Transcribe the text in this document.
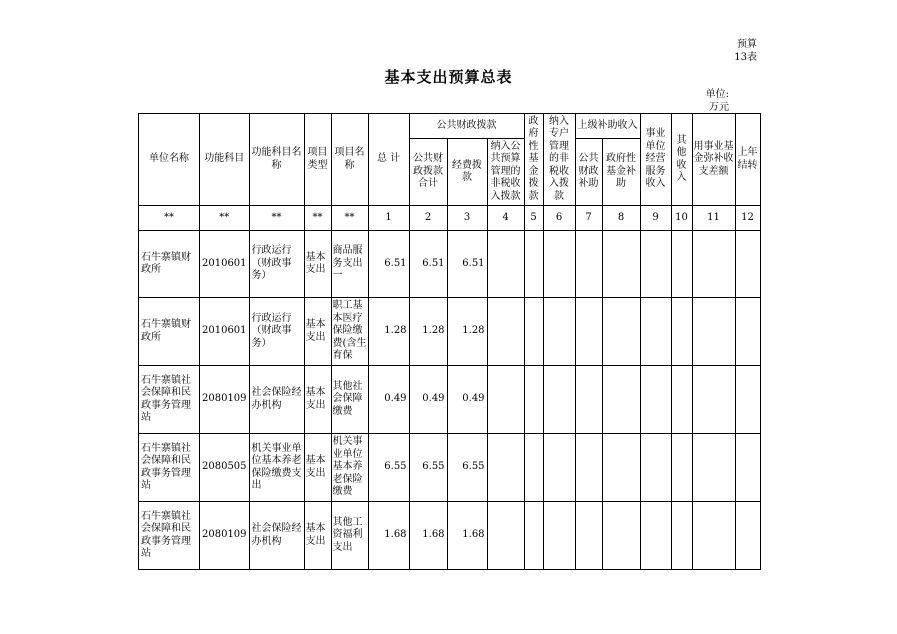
预算
13表
基本支出预算总表
单位:
万元
单位名称	功能科目	功能科目名称	项目类型	项目名称	总 计	公共财政拨款			政府性基金拨款	纳入专户管理的非税收入拨款	上级补助收入		事业单位经营服务收入	其他收入	用事业基金弥补收支差额	上年结转
						公共财政拨款合计	经费拨款	纳入公共预算管理的非税收入拨款			公共财政补助	政府性基金补助				
**	**	**	**	**	1	2	3	4	5	6	7	8	9	10	11	12
石牛寨镇财政所	2010601	行政运行（财政事务）	基本支出	商品服务支出一	6.51	6.51	6.51									
石牛寨镇财政所	2010601	行政运行（财政事务）	基本支出	职工基本医疗保险缴费(含生育保	1.28	1.28	1.28									
石牛寨镇社会保障和民政事务管理站	2080109	社会保险经办机构	基本支出	其他社会保障缴费	0.49	0.49	0.49									
石牛寨镇社会保障和民政事务管理站	2080505	机关事业单位基本养老保险缴费支出	基本支出	机关事业单位基本养老保险缴费	6.55	6.55	6.55									
石牛寨镇社会保障和民政事务管理站	2080109	社会保险经办机构	基本支出	其他工资福利支出	1.68	1.68	1.68									
